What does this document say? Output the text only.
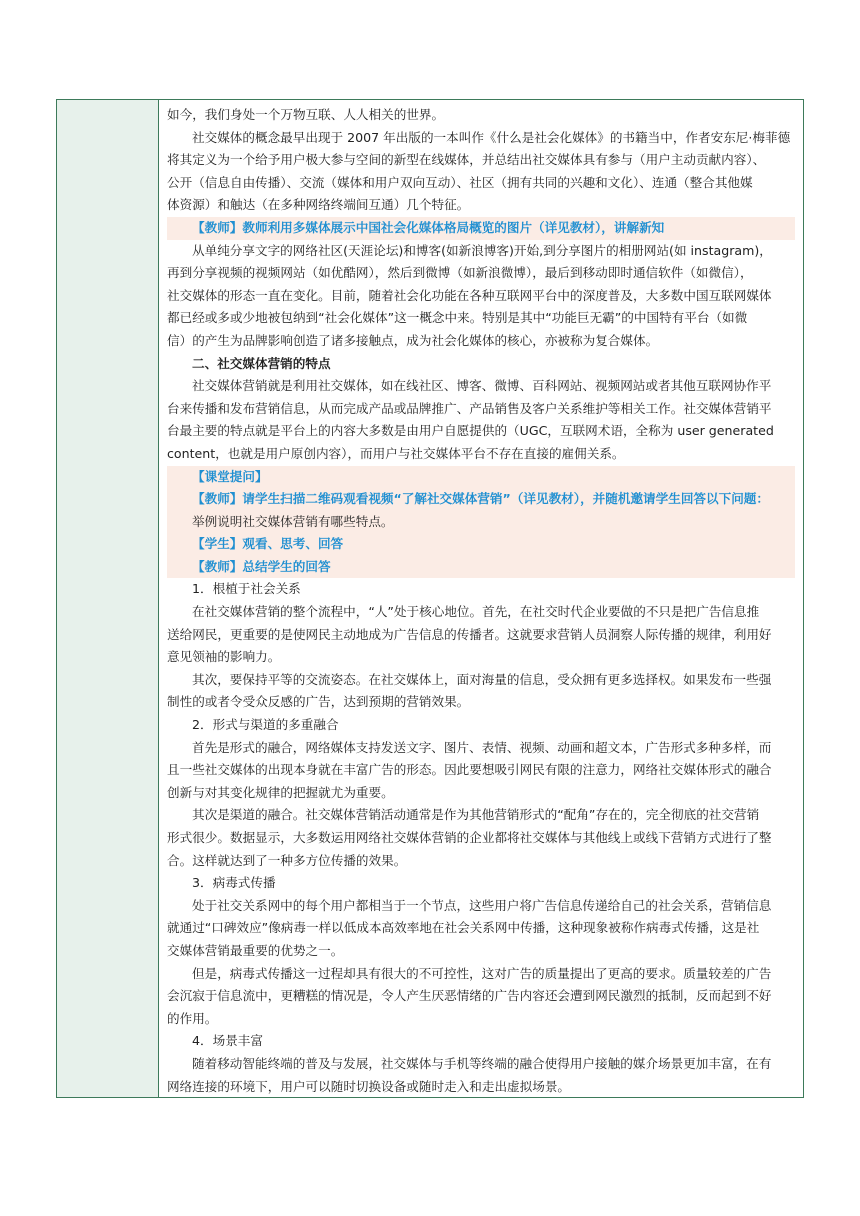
如今，我们身处一个万物互联、人人相关的世界。
社交媒体的概念最早出现于 2007 年出版的一本叫作《什么是社会化媒体》的书籍当中，作者安东尼·梅菲德
将其定义为一个给予用户极大参与空间的新型在线媒体，并总结出社交媒体具有参与（用户主动贡献内容）、
公开（信息自由传播）、交流（媒体和用户双向互动）、社区（拥有共同的兴趣和文化）、连通（整合其他媒
体资源）和触达（在多种网络终端间互通）几个特征。
【教师】教师利用多媒体展示中国社会化媒体格局概览的图片（详见教材），讲解新知
从单纯分享文字的网络社区(天涯论坛)和博客(如新浪博客)开始,到分享图片的相册网站(如 instagram)，
再到分享视频的视频网站（如优酷网），然后到微博（如新浪微博），最后到移动即时通信软件（如微信），
社交媒体的形态一直在变化。目前，随着社会化功能在各种互联网平台中的深度普及，大多数中国互联网媒体
都已经或多或少地被包纳到“社会化媒体”这一概念中来。特别是其中“功能巨无霸”的中国特有平台（如微
信）的产生为品牌影响创造了诸多接触点，成为社会化媒体的核心，亦被称为复合媒体。
二、社交媒体营销的特点
社交媒体营销就是利用社交媒体，如在线社区、博客、微博、百科网站、视频网站或者其他互联网协作平
台来传播和发布营销信息，从而完成产品或品牌推广、产品销售及客户关系维护等相关工作。社交媒体营销平
台最主要的特点就是平台上的内容大多数是由用户自愿提供的（UGC，互联网术语，全称为 user generated
content，也就是用户原创内容），而用户与社交媒体平台不存在直接的雇佣关系。
【课堂提问】
【教师】请学生扫描二维码观看视频“了解社交媒体营销”（详见教材），并随机邀请学生回答以下问题：
举例说明社交媒体营销有哪些特点。
【学生】观看、思考、回答
【教师】总结学生的回答
1．根植于社会关系
在社交媒体营销的整个流程中，“人”处于核心地位。首先，在社交时代企业要做的不只是把广告信息推
送给网民，更重要的是使网民主动地成为广告信息的传播者。这就要求营销人员洞察人际传播的规律，利用好
意见领袖的影响力。
其次，要保持平等的交流姿态。在社交媒体上，面对海量的信息，受众拥有更多选择权。如果发布一些强
制性的或者令受众反感的广告，达到预期的营销效果。
2．形式与渠道的多重融合
首先是形式的融合，网络媒体支持发送文字、图片、表情、视频、动画和超文本，广告形式多种多样，而
且一些社交媒体的出现本身就在丰富广告的形态。因此要想吸引网民有限的注意力，网络社交媒体形式的融合
创新与对其变化规律的把握就尤为重要。
其次是渠道的融合。社交媒体营销活动通常是作为其他营销形式的“配角”存在的，完全彻底的社交营销
形式很少。数据显示，大多数运用网络社交媒体营销的企业都将社交媒体与其他线上或线下营销方式进行了整
合。这样就达到了一种多方位传播的效果。
3．病毒式传播
处于社交关系网中的每个用户都相当于一个节点，这些用户将广告信息传递给自己的社会关系，营销信息
就通过“口碑效应”像病毒一样以低成本高效率地在社会关系网中传播，这种现象被称作病毒式传播，这是社
交媒体营销最重要的优势之一。
但是，病毒式传播这一过程却具有很大的不可控性，这对广告的质量提出了更高的要求。质量较差的广告
会沉寂于信息流中，更糟糕的情况是，令人产生厌恶情绪的广告内容还会遭到网民激烈的抵制，反而起到不好
的作用。
4．场景丰富
随着移动智能终端的普及与发展，社交媒体与手机等终端的融合使得用户接触的媒介场景更加丰富，在有
网络连接的环境下，用户可以随时切换设备或随时走入和走出虚拟场景。
